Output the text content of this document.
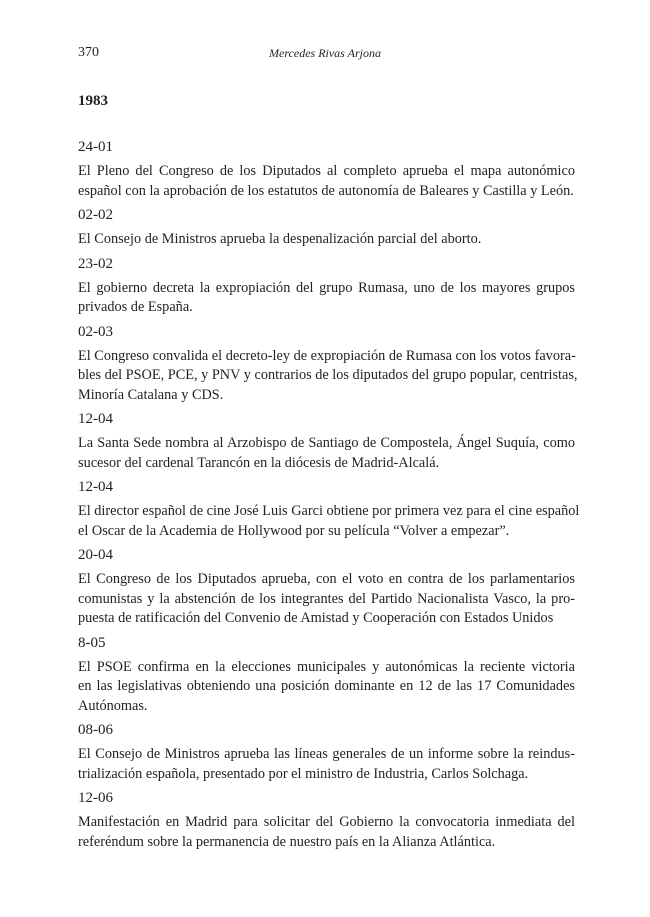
370	Mercedes Rivas Arjona

1983

24-01

El Pleno del Congreso de los Diputados al completo aprueba el mapa autonómico
español con la aprobación de los estatutos de autonomía de Baleares y Castilla y León.

02-02

El Consejo de Ministros aprueba la despenalización parcial del aborto.

23-02

El gobierno decreta la expropiación del grupo Rumasa, uno de los mayores grupos
privados de España.

02-03

El Congreso convalida el decreto-ley de expropiación de Rumasa con los votos favora-
bles del PSOE, PCE, y PNV y contrarios de los diputados del grupo popular, centristas,
Minoría Catalana y CDS.

12-04

La Santa Sede nombra al Arzobispo de Santiago de Compostela, Ángel Suquía, como
sucesor del cardenal Tarancón en la diócesis de Madrid-Alcalá.

12-04

El director español de cine José Luis Garci obtiene por primera vez para el cine español
el Oscar de la Academia de Hollywood por su película “Volver a empezar”.

20-04

El Congreso de los Diputados aprueba, con el voto en contra de los parlamentarios
comunistas y la abstención de los integrantes del Partido Nacionalista Vasco, la pro-
puesta de ratificación del Convenio de Amistad y Cooperación con Estados Unidos

8-05

El PSOE confirma en la elecciones municipales y autonómicas la reciente victoria
en las legislativas obteniendo una posición dominante en 12 de las 17 Comunidades
Autónomas.

08-06

El Consejo de Ministros aprueba las líneas generales de un informe sobre la reindus-
trialización española, presentado por el ministro de Industria, Carlos Solchaga.

12-06

Manifestación en Madrid para solicitar del Gobierno la convocatoria inmediata del
referéndum sobre la permanencia de nuestro país en la Alianza Atlántica.
